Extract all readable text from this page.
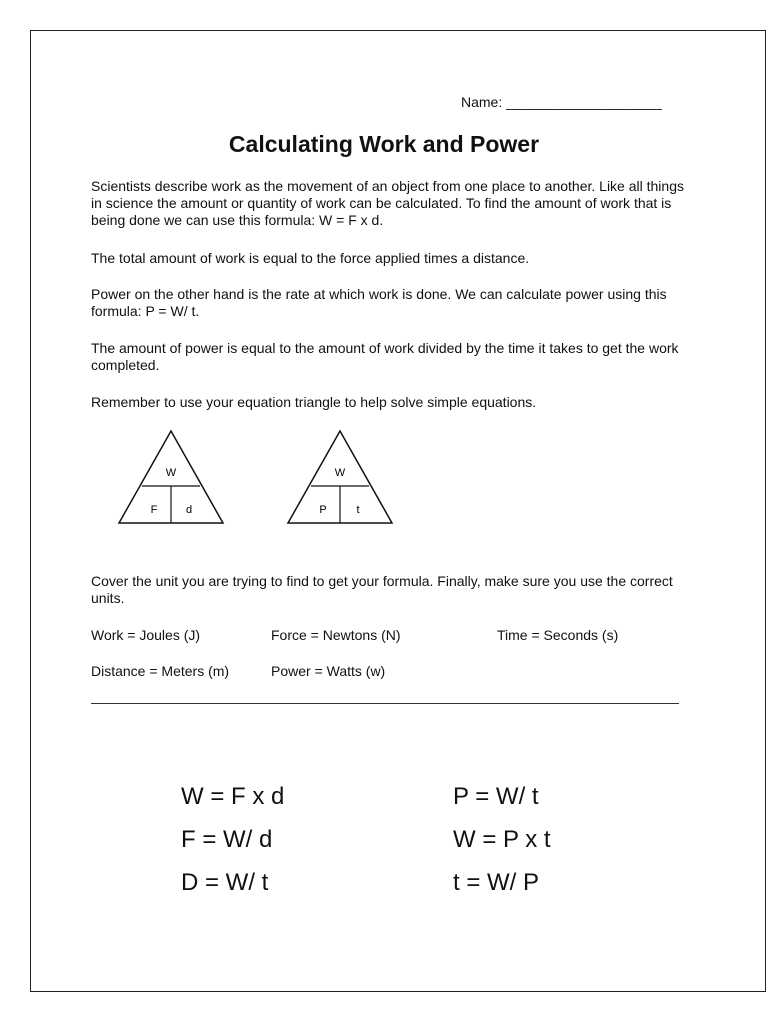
Name: ____________________
Calculating Work and Power
Scientists describe work as the movement of an object from one place to another. Like all things in science the amount or quantity of work can be calculated. To find the amount of work that is being done we can use this formula: W = F x d.
The total amount of work is equal to the force applied times a distance.
Power on the other hand is the rate at which work is done. We can calculate power using this formula: P = W/ t.
The amount of power is equal to the amount of work divided by the time it takes to get the work completed.
Remember to use your equation triangle to help solve simple equations.
W
F	d
W
P	t
Cover the unit you are trying to find to get your formula. Finally, make sure you use the correct units.
Work = Joules (J)	Force = Newtons (N)	Time = Seconds (s)
Distance = Meters (m)	Power = Watts (w)
W = F x d
F = W/ d
D = W/ t
P = W/ t
W = P x t
t = W/ P
